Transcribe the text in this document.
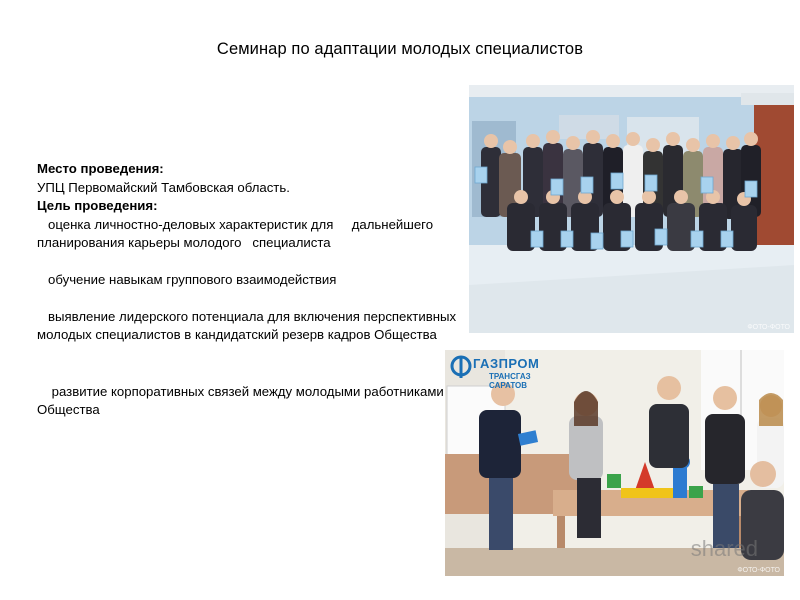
Семинар по адаптации молодых специалистов

Место проведения:

УПЦ Первомайский Тамбовская область.

Цель проведения:

оценка личностно-деловых характеристик для     дальнейшего планирования карьеры молодого   специалиста

обучение навыкам группового взаимодействия

выявление лидерского потенциала для включения перспективных молодых специалистов в кандидатский резерв кадров Общества

развитие корпоративных связей между молодыми работниками Общества

ФОТО-ФОТО
ГАЗПРОМ
ТРАНСГАЗ
САРАТОВ
shared
ФОТО-ФОТО
